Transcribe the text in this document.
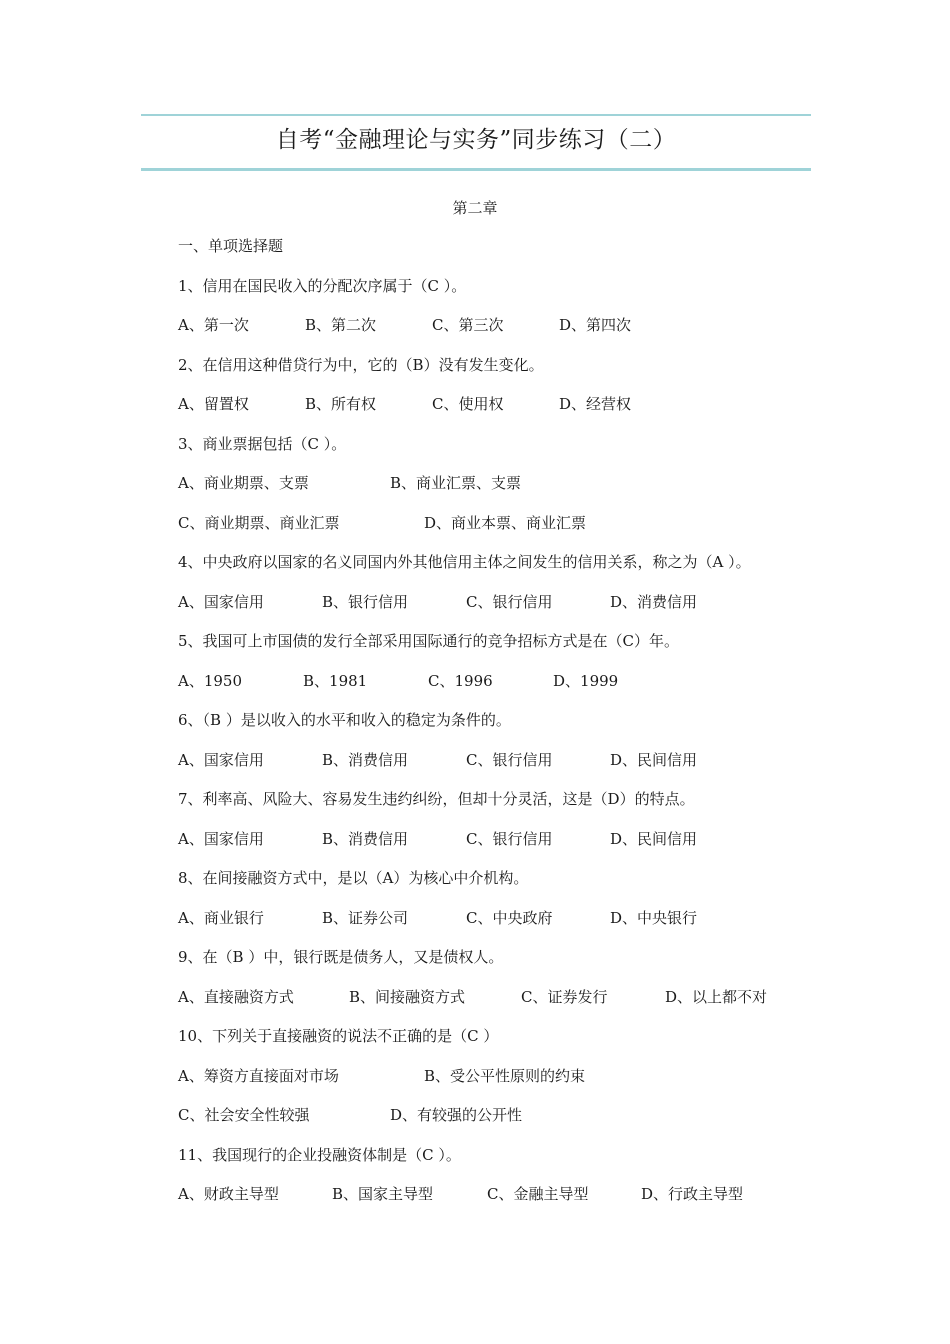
自考“金融理论与实务”同步练习（二）
第二章
一、单项选择题
1、信用在国民收入的分配次序属于（C ）。
A、第一次	B、第二次	C、第三次	D、第四次
2、在信用这种借贷行为中，它的（B）没有发生变化。
A、留置权	B、所有权	C、使用权	D、经营权
3、商业票据包括（C ）。
A、商业期票、支票	B、商业汇票、支票
C、商业期票、商业汇票	D、商业本票、商业汇票
4、中央政府以国家的名义同国内外其他信用主体之间发生的信用关系，称之为（A ）。
A、国家信用	B、银行信用	C、银行信用	D、消费信用
5、我国可上市国债的发行全部采用国际通行的竞争招标方式是在（C）年。
A、1950	B、1981	C、1996	D、1999
6、（B ）是以收入的水平和收入的稳定为条件的。
A、国家信用	B、消费信用	C、银行信用	D、民间信用
7、利率高、风险大、容易发生违约纠纷，但却十分灵活，这是（D）的特点。
A、国家信用	B、消费信用	C、银行信用	D、民间信用
8、在间接融资方式中，是以（A）为核心中介机构。
A、商业银行	B、证券公司	C、中央政府	D、中央银行
9、在（B ）中，银行既是债务人，又是债权人。
A、直接融资方式	B、间接融资方式	C、证券发行	D、以上都不对
10、下列关于直接融资的说法不正确的是（C ）
A、筹资方直接面对市场	B、受公平性原则的约束
C、社会安全性较强	D、有较强的公开性
11、我国现行的企业投融资体制是（C ）。
A、财政主导型	B、国家主导型	C、金融主导型	D、行政主导型
